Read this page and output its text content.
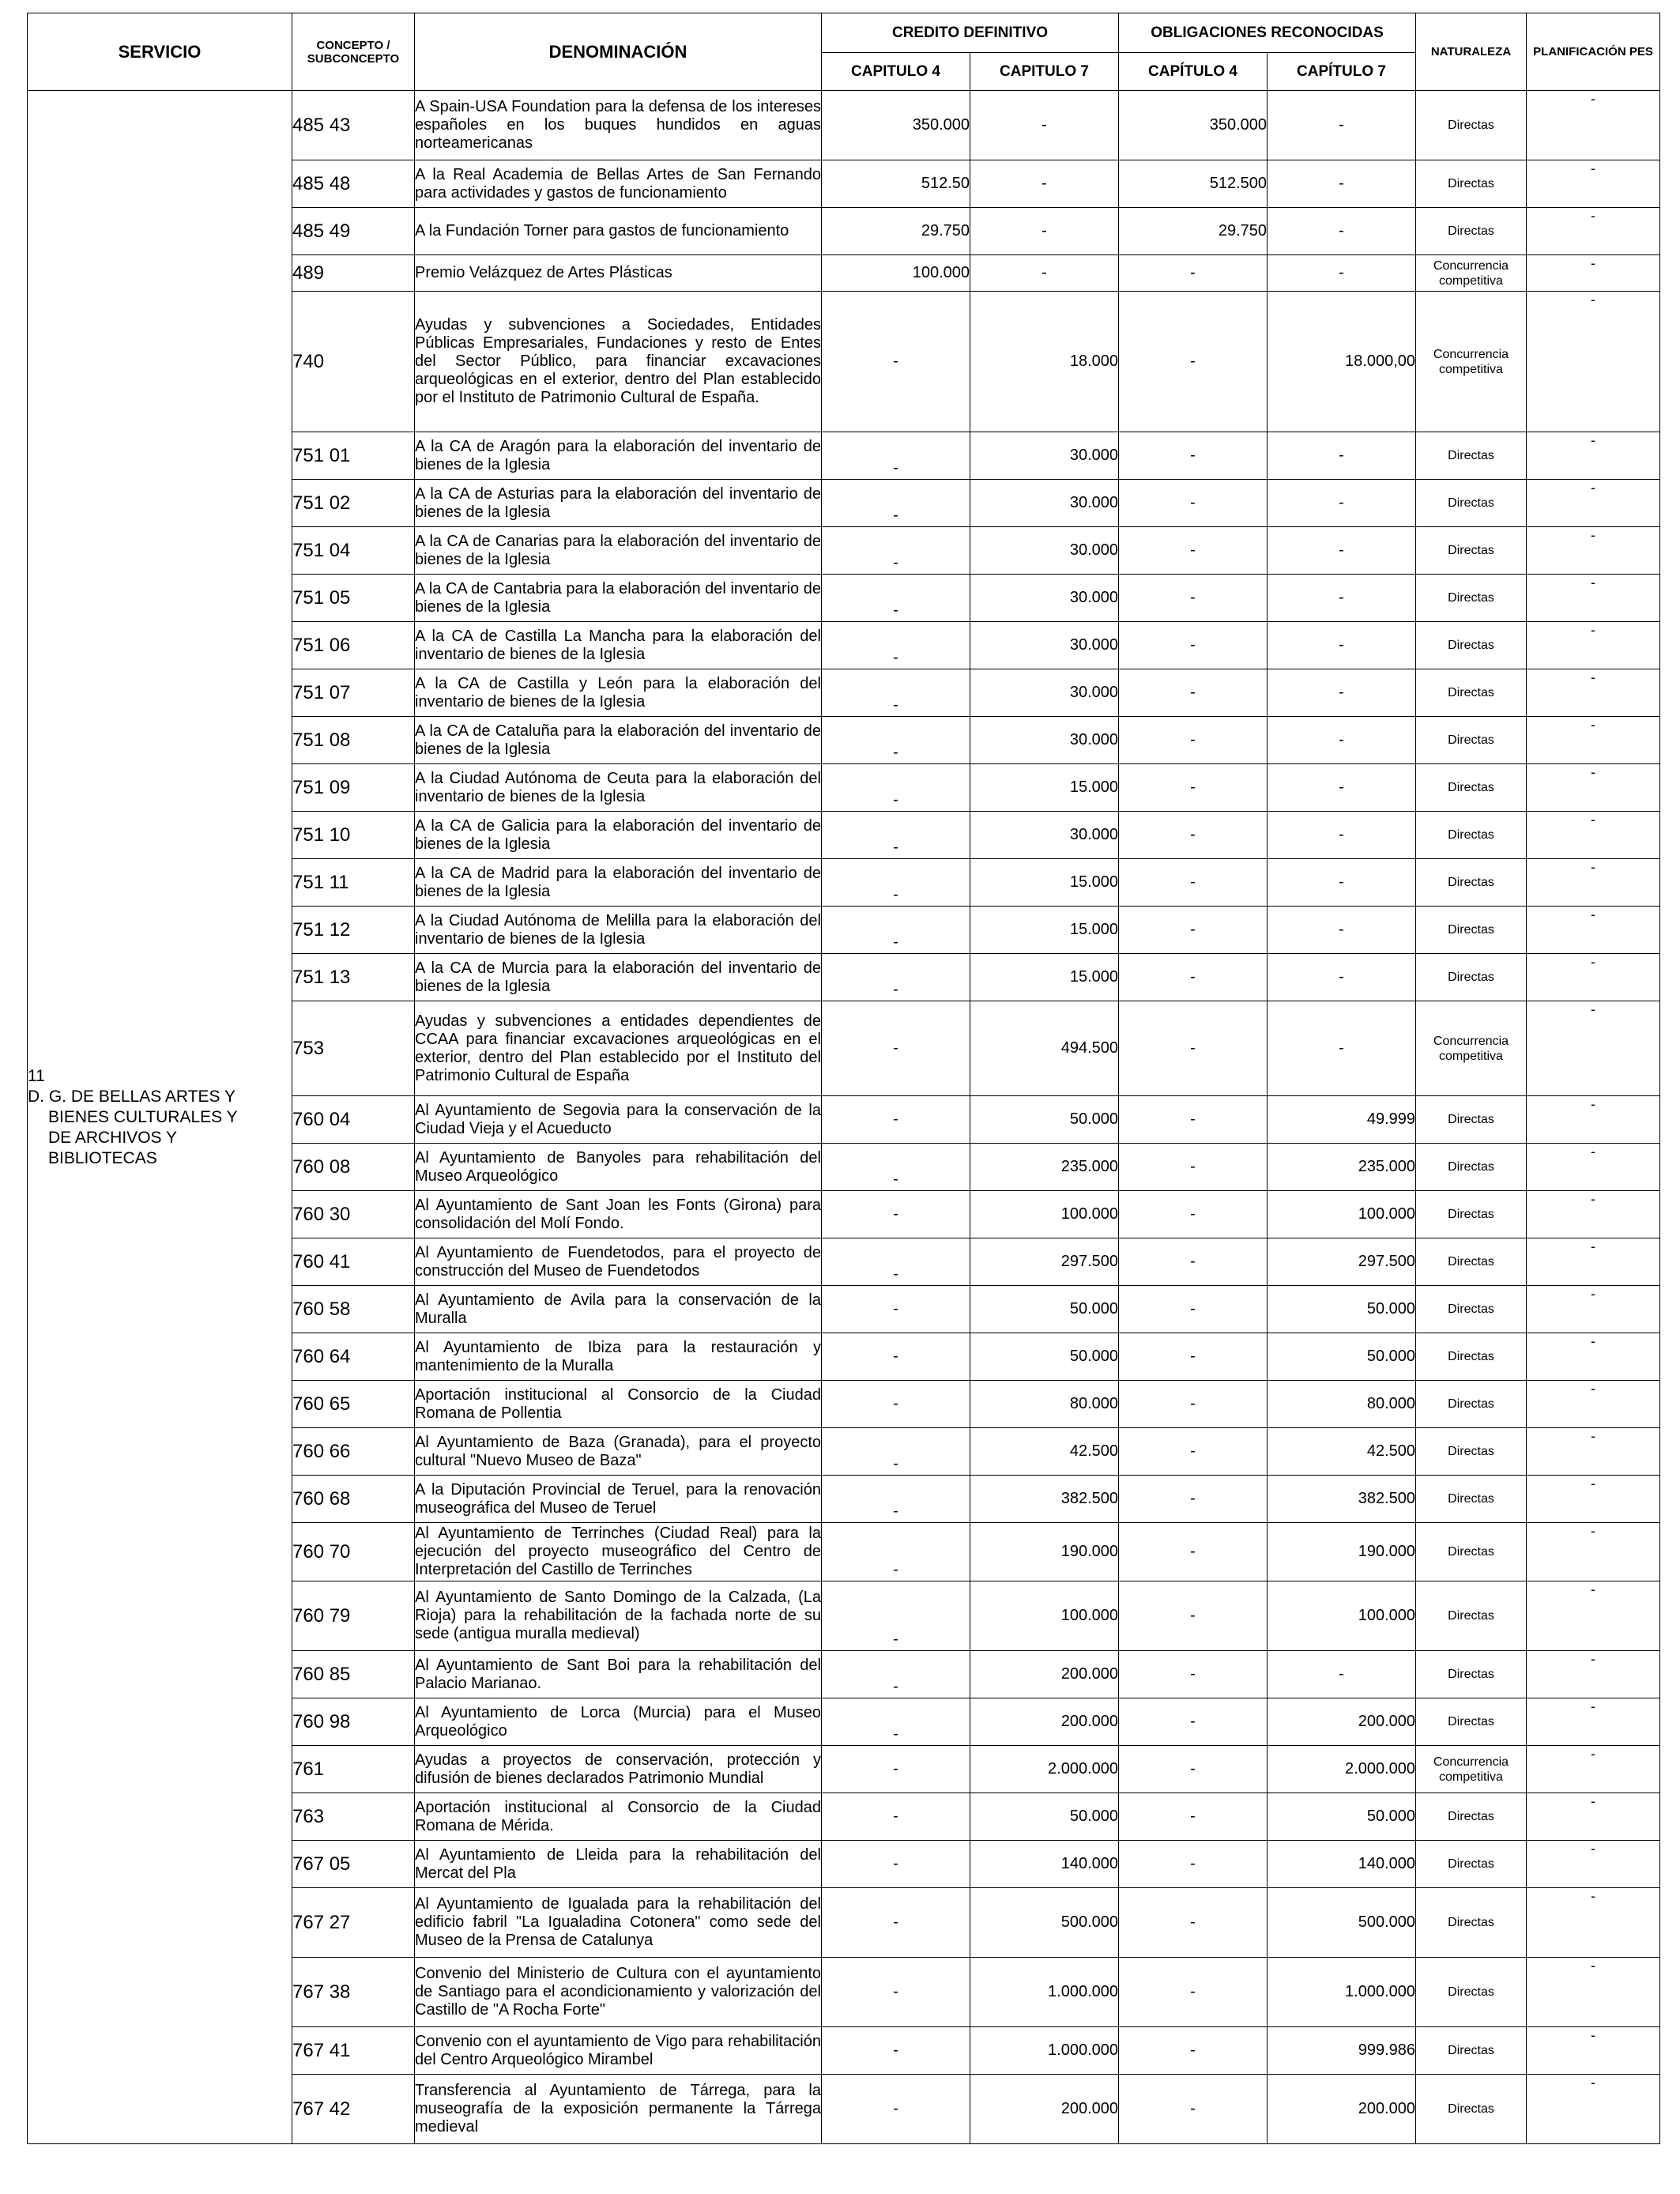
SERVICIO	CONCEPTO / SUBCONCEPTO	DENOMINACIÓN	CREDITO DEFINITIVO		OBLIGACIONES RECONOCIDAS		NATURALEZA	PLANIFICACIÓN PES
			CAPITULO 4	CAPITULO 7	CAPÍTULO 4	CAPÍTULO 7		
11
D. G. DE BELLAS ARTES Y
BIENES CULTURALES Y
DE ARCHIVOS Y
BIBLIOTECAS	485 43	A Spain-USA Foundation para la defensa de los intereses españoles en los buques hundidos en aguas norteamericanas	350.000	-	350.000	-	Directas	-

	485 48	A la Real Academia de Bellas Artes de San Fernando para actividades y gastos de funcionamiento	512.50	-	512.500	-	Directas	-

	485 49	A la Fundación Torner para gastos de funcionamiento	29.750	-	29.750	-	Directas	-

	489	Premio Velázquez de Artes Plásticas	100.000	-	-	-	Concurrencia competitiva	-

	740	Ayudas y subvenciones a Sociedades, Entidades Públicas Empresariales, Fundaciones y resto de Entes del Sector Público, para financiar excavaciones arqueológicas en el exterior, dentro del Plan establecido por el Instituto de Patrimonio Cultural de España.	-	18.000	-	18.000,00	Concurrencia competitiva	-

	751 01	A la CA de Aragón para la elaboración del inventario de bienes de la Iglesia	-	30.000	-	-	Directas	-

	751 02	A la CA de Asturias para la elaboración del inventario de bienes de la Iglesia	-	30.000	-	-	Directas	-

	751 04	A la CA de Canarias para la elaboración del inventario de bienes de la Iglesia	-	30.000	-	-	Directas	-

	751 05	A la CA de Cantabria para la elaboración del inventario de bienes de la Iglesia	-	30.000	-	-	Directas	-

	751 06	A la CA de Castilla La Mancha para la elaboración del inventario de bienes de la Iglesia	-	30.000	-	-	Directas	-

	751 07	A la CA de Castilla y León para la elaboración del inventario de bienes de la Iglesia	-	30.000	-	-	Directas	-

	751 08	A la CA de Cataluña para la elaboración del inventario de bienes de la Iglesia	-	30.000	-	-	Directas	-

	751 09	A la Ciudad Autónoma de Ceuta para la elaboración del inventario de bienes de la Iglesia	-	15.000	-	-	Directas	-

	751 10	A la CA de Galicia para la elaboración del inventario de bienes de la Iglesia	-	30.000	-	-	Directas	-

	751 11	A la CA de Madrid para la elaboración del inventario de bienes de la Iglesia	-	15.000	-	-	Directas	-

	751 12	A la Ciudad Autónoma de Melilla para la elaboración del inventario de bienes de la Iglesia	-	15.000	-	-	Directas	-

	751 13	A la CA de Murcia para la elaboración del inventario de bienes de la Iglesia	-	15.000	-	-	Directas	-

	753	Ayudas y subvenciones a entidades dependientes de CCAA para financiar excavaciones arqueológicas en el exterior, dentro del Plan establecido por el Instituto del Patrimonio Cultural de España	-	494.500	-	-	Concurrencia competitiva	-

	760 04	Al Ayuntamiento de Segovia para la conservación de la Ciudad Vieja y el Acueducto	-	50.000	-	49.999	Directas	-

	760 08	Al Ayuntamiento de Banyoles para rehabilitación del Museo Arqueológico	-	235.000	-	235.000	Directas	-

	760 30	Al Ayuntamiento de Sant Joan les Fonts (Girona) para consolidación del Molí Fondo.	-	100.000	-	100.000	Directas	-

	760 41	Al Ayuntamiento de Fuendetodos, para el proyecto de construcción del Museo de Fuendetodos	-	297.500	-	297.500	Directas	-

	760 58	Al Ayuntamiento de Avila para la conservación de la Muralla	-	50.000	-	50.000	Directas	-

	760 64	Al Ayuntamiento de Ibiza para la restauración y mantenimiento de la Muralla	-	50.000	-	50.000	Directas	-

	760 65	Aportación institucional al Consorcio de la Ciudad Romana de Pollentia	-	80.000	-	80.000	Directas	-

	760 66	Al Ayuntamiento de Baza (Granada), para el proyecto cultural "Nuevo Museo de Baza"	-	42.500	-	42.500	Directas	-

	760 68	A la Diputación Provincial de Teruel, para la renovación museográfica del Museo de Teruel	-	382.500	-	382.500	Directas	-

	760 70	Al Ayuntamiento de Terrinches (Ciudad Real) para la ejecución del proyecto museográfico del Centro de Interpretación del Castillo de Terrinches	-	190.000	-	190.000	Directas	-

	760 79	Al Ayuntamiento de Santo Domingo de la Calzada, (La Rioja) para la rehabilitación de la fachada norte de su sede (antigua muralla medieval)	-	100.000	-	100.000	Directas	-

	760 85	Al Ayuntamiento de Sant Boi para la rehabilitación del Palacio Marianao.	-	200.000	-	-	Directas	-

	760 98	Al Ayuntamiento de Lorca (Murcia) para el Museo Arqueológico	-	200.000	-	200.000	Directas	-

	761	Ayudas a proyectos de conservación, protección y difusión de bienes declarados Patrimonio Mundial	-	2.000.000	-	2.000.000	Concurrencia competitiva	-

	763	Aportación institucional al Consorcio de la Ciudad Romana de Mérida.	-	50.000	-	50.000	Directas	-

	767 05	Al Ayuntamiento de Lleida para la rehabilitación del Mercat del Pla	-	140.000	-	140.000	Directas	-

	767 27	Al Ayuntamiento de Igualada para la rehabilitación del edificio fabril "La Igualadina Cotonera" como sede del Museo de la Prensa de Catalunya	-	500.000	-	500.000	Directas	-

	767 38	Convenio del Ministerio de Cultura con el ayuntamiento de Santiago para el acondicionamiento y valorización del Castillo de "A Rocha Forte"	-	1.000.000	-	1.000.000	Directas	-

	767 41	Convenio con el ayuntamiento de Vigo para rehabilitación del Centro Arqueológico Mirambel	-	1.000.000	-	999.986	Directas	-

	767 42	Transferencia al Ayuntamiento de Tárrega, para la museografía de la exposición permanente la Tárrega medieval	-	200.000	-	200.000	Directas	-
